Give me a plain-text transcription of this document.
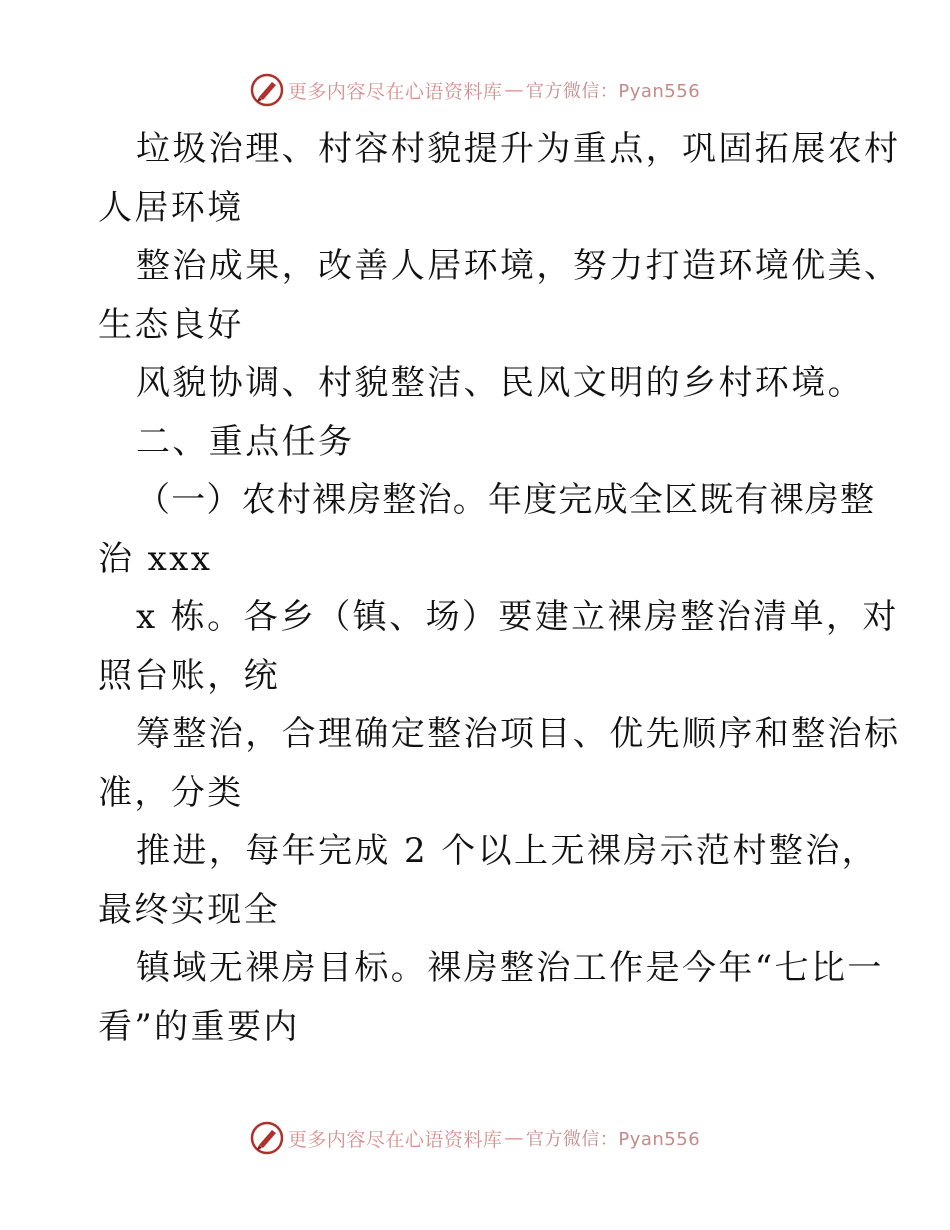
更多内容尽在心语资料库 — 官方微信：Pyan556
垃圾治理、村容村貌提升为重点，巩固拓展农村
人居环境
整治成果，改善人居环境，努力打造环境优美、
生态良好
风貌协调、村貌整洁、民风文明的乡村环境。
二、重点任务
（一）农村裸房整治。年度完成全区既有裸房整
治 xxx
x 栋。各乡（镇、场）要建立裸房整治清单，对
照台账，统
筹整治，合理确定整治项目、优先顺序和整治标
准，分类
推进，每年完成 2 个以上无裸房示范村整治，
最终实现全
镇域无裸房目标。裸房整治工作是今年“七比一
看”的重要内
更多内容尽在心语资料库 — 官方微信：Pyan556
